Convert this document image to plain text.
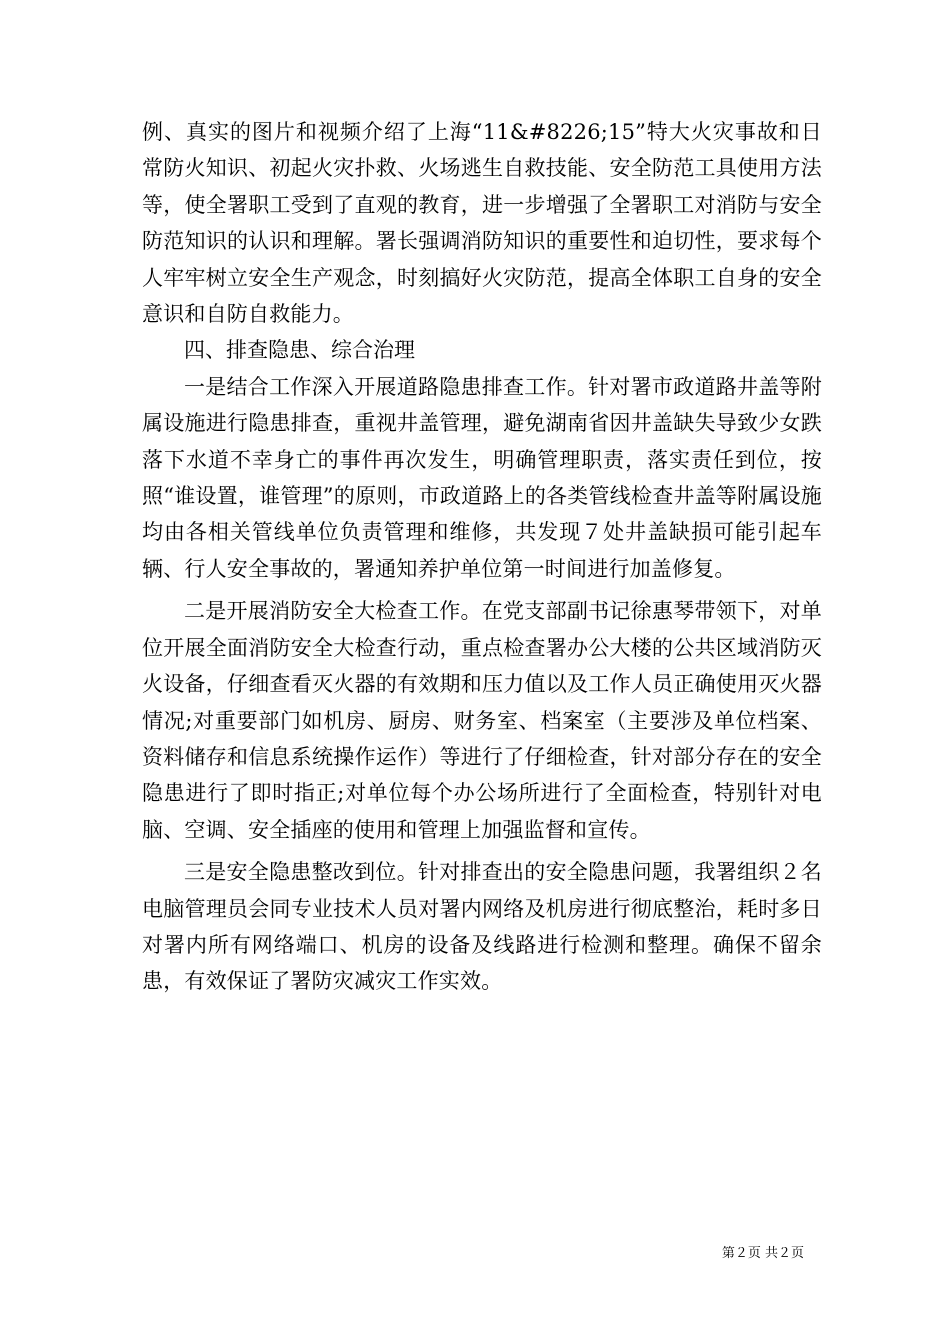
例、真实的图片和视频介绍了上海“11&#8226;15”特大火灾事故和日常防火知识、初起火灾扑救、火场逃生自救技能、安全防范工具使用方法等，使全署职工受到了直观的教育，进一步增强了全署职工对消防与安全防范知识的认识和理解。署长强调消防知识的重要性和迫切性，要求每个人牢牢树立安全生产观念，时刻搞好火灾防范，提高全体职工自身的安全意识和自防自救能力。

四、排查隐患、综合治理

一是结合工作深入开展道路隐患排查工作。针对署市政道路井盖等附属设施进行隐患排查，重视井盖管理，避免湖南省因井盖缺失导致少女跌落下水道不幸身亡的事件再次发生，明确管理职责，落实责任到位，按照“谁设置，谁管理”的原则，市政道路上的各类管线检查井盖等附属设施均由各相关管线单位负责管理和维修，共发现７处井盖缺损可能引起车辆、行人安全事故的，署通知养护单位第一时间进行加盖修复。

二是开展消防安全大检查工作。在党支部副书记徐惠琴带领下，对单位开展全面消防安全大检查行动，重点检查署办公大楼的公共区域消防灭火设备，仔细查看灭火器的有效期和压力值以及工作人员正确使用灭火器情况;对重要部门如机房、厨房、财务室、档案室（主要涉及单位档案、资料储存和信息系统操作运作）等进行了仔细检查，针对部分存在的安全隐患进行了即时指正;对单位每个办公场所进行了全面检查，特别针对电脑、空调、安全插座的使用和管理上加强监督和宣传。

三是安全隐患整改到位。针对排查出的安全隐患问题，我署组织２名电脑管理员会同专业技术人员对署内网络及机房进行彻底整治，耗时多日对署内所有网络端口、机房的设备及线路进行检测和整理。确保不留余患，有效保证了署防灾减灾工作实效。

第２页 共２页
